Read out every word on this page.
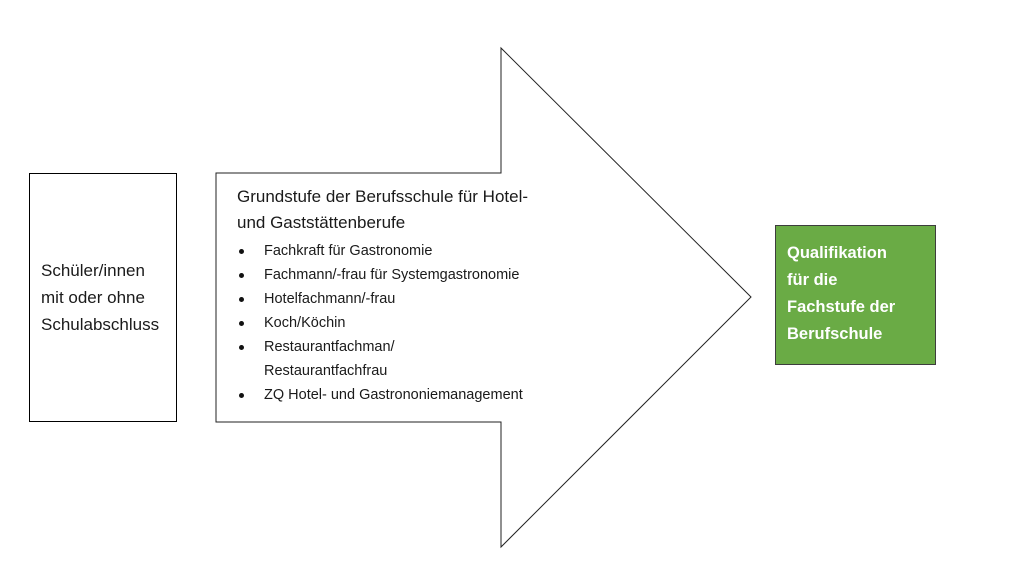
Schüler/innen
mit oder ohne
Schulabschluss
Grundstufe der Berufsschule für Hotel-
und Gaststättenberufe
Fachkraft für Gastronomie
Fachmann/-frau für Systemgastronomie
Hotelfachmann/-frau
Koch/Köchin
Restaurantfachman/
Restaurantfachfrau
ZQ Hotel- und Gastrononiemanagement
Qualifikation
für die
Fachstufe der
Berufschule
